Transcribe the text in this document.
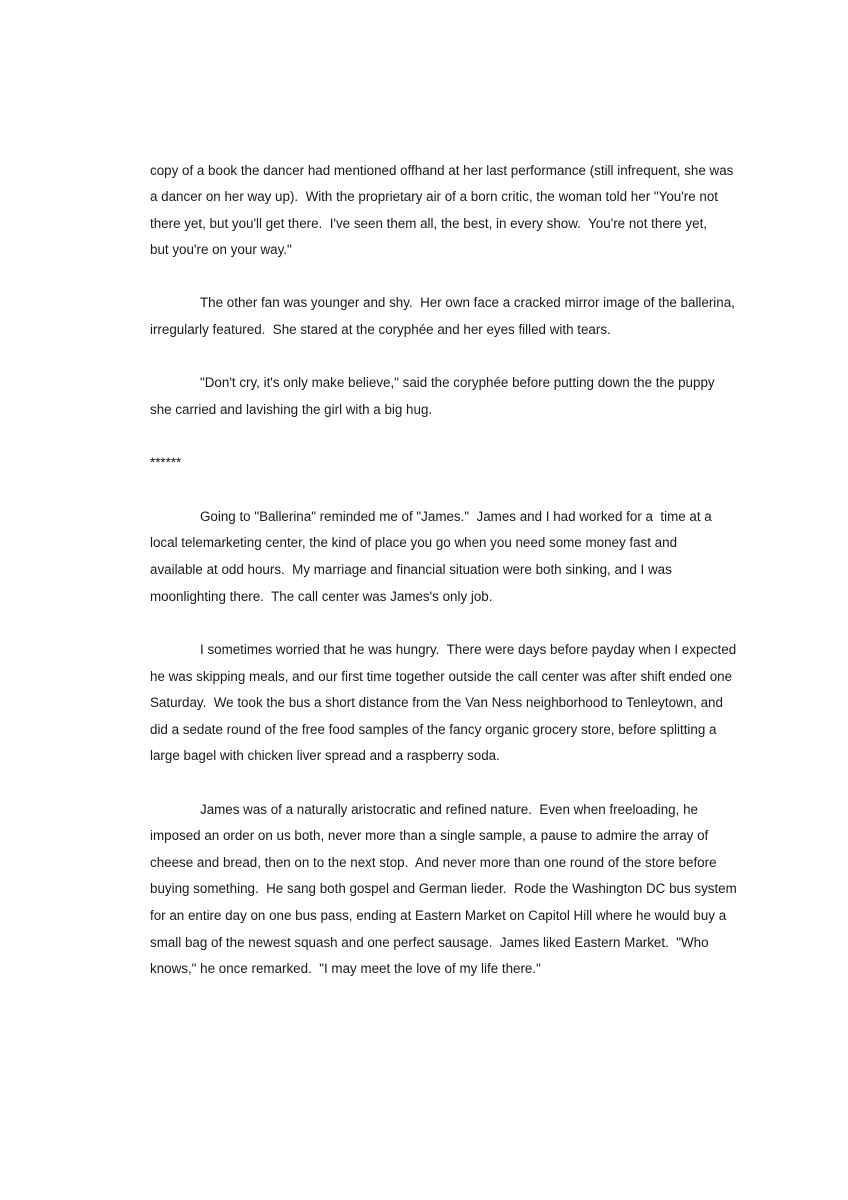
copy of a book the dancer had mentioned offhand at her last performance (still infrequent, she was
a dancer on her way up).  With the proprietary air of a born critic, the woman told her "You're not
there yet, but you'll get there.  I've seen them all, the best, in every show.  You're not there yet,
but you're on your way."
The other fan was younger and shy.  Her own face a cracked mirror image of the ballerina,
irregularly featured.  She stared at the coryphée and her eyes filled with tears.
"Don't cry, it's only make believe," said the coryphée before putting down the the puppy
she carried and lavishing the girl with a big hug.
******
Going to "Ballerina" reminded me of "James."  James and I had worked for a  time at a
local telemarketing center, the kind of place you go when you need some money fast and
available at odd hours.  My marriage and financial situation were both sinking, and I was
moonlighting there.  The call center was James's only job.
I sometimes worried that he was hungry.  There were days before payday when I expected
he was skipping meals, and our first time together outside the call center was after shift ended one
Saturday.  We took the bus a short distance from the Van Ness neighborhood to Tenleytown, and
did a sedate round of the free food samples of the fancy organic grocery store, before splitting a
large bagel with chicken liver spread and a raspberry soda.
James was of a naturally aristocratic and refined nature.  Even when freeloading, he
imposed an order on us both, never more than a single sample, a pause to admire the array of
cheese and bread, then on to the next stop.  And never more than one round of the store before
buying something.  He sang both gospel and German lieder.  Rode the Washington DC bus system
for an entire day on one bus pass, ending at Eastern Market on Capitol Hill where he would buy a
small bag of the newest squash and one perfect sausage.  James liked Eastern Market.  "Who
knows," he once remarked.  "I may meet the love of my life there."
